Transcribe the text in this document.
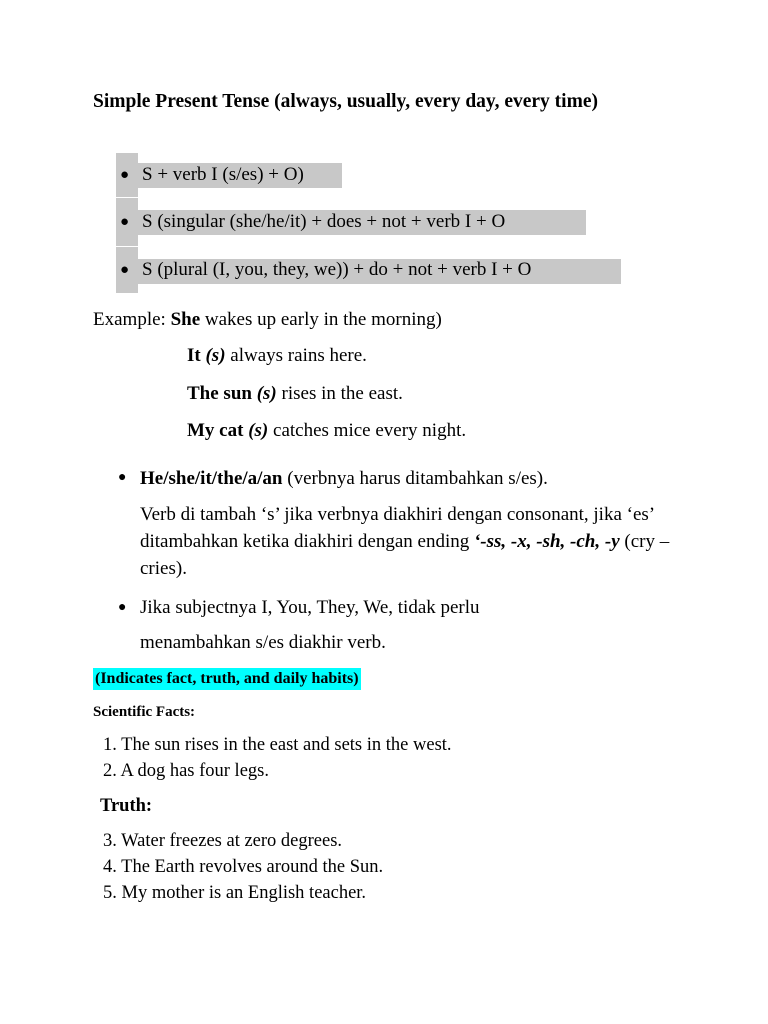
Simple Present Tense (always, usually, every day, every time)
● S + verb I (s/es) + O)
● S (singular (she/he/it) + does + not + verb I + O
● S (plural (I, you, they, we)) + do + not + verb I + O
Example: She wakes up early in the morning)
It (s) always rains here.
The sun (s) rises in the east.
My cat (s) catches mice every night.
● He/she/it/the/a/an (verbnya harus ditambahkan s/es).
Verb di tambah ‘s’ jika verbnya diakhiri dengan consonant, jika ‘es’ ditambahkan ketika diakhiri dengan ending ‘-ss, -x, -sh, -ch, -y (cry – cries).
● Jika subjectnya I, You, They, We, tidak perlu
menambahkan s/es diakhir verb.
(Indicates fact, truth, and daily habits)
Scientific Facts:
1. The sun rises in the east and sets in the west.
2. A dog has four legs.
Truth:
3. Water freezes at zero degrees.
4. The Earth revolves around the Sun.
5. My mother is an English teacher.
